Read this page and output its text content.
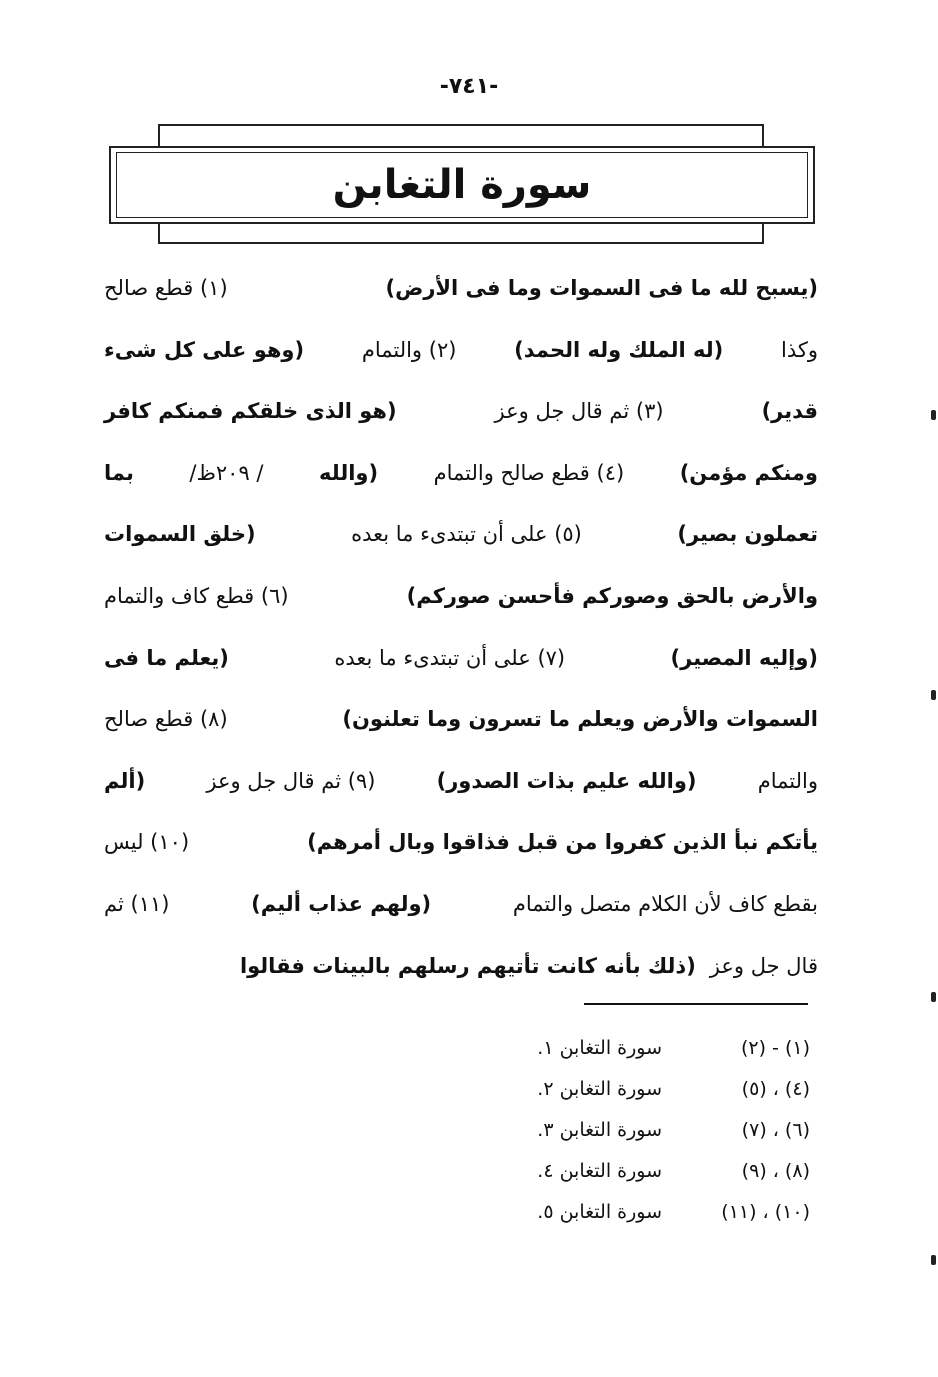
-٧٤١-
سورة التغابن
(يسبح لله ما فى السموات وما فى الأرض)
(١) قطع صالح
وكذا
(له الملك وله الحمد)
(٢) والتمام
(وهو على كل شىء
قدير)
(٣) ثم قال جل وعز
(هو الذى خلقكم فمنكم كافر
ومنكم مؤمن)
(٤) قطع صالح والتمام
(والله
/ ٢٠٩ظ/
بما
تعملون بصير)
(٥) على أن تبتدىء ما بعده
(خلق السموات
والأرض بالحق وصوركم فأحسن صوركم)
(٦) قطع كاف والتمام
(وإليه المصير)
(٧) على أن تبتدىء ما بعده
(يعلم ما فى
السموات والأرض ويعلم ما تسرون وما تعلنون)
(٨) قطع صالح
والتمام
(والله عليم بذات الصدور)
(٩) ثم قال جل وعز
(ألم
يأتكم نبأ الذين كفروا من قبل فذاقوا وبال أمرهم)
(١٠) ليس
بقطع كاف لأن الكلام متصل والتمام
(ولهم عذاب أليم)
(١١) ثم
قال جل وعز
(ذلك بأنه كانت تأتيهم رسلهم بالبينات فقالوا
(١) - (٢)
سورة التغابن ١.
(٤) ، (٥)
سورة التغابن ٢.
(٦) ، (٧)
سورة التغابن ٣.
(٨) ، (٩)
سورة التغابن ٤.
(١٠) ، (١١)
سورة التغابن ٥.
